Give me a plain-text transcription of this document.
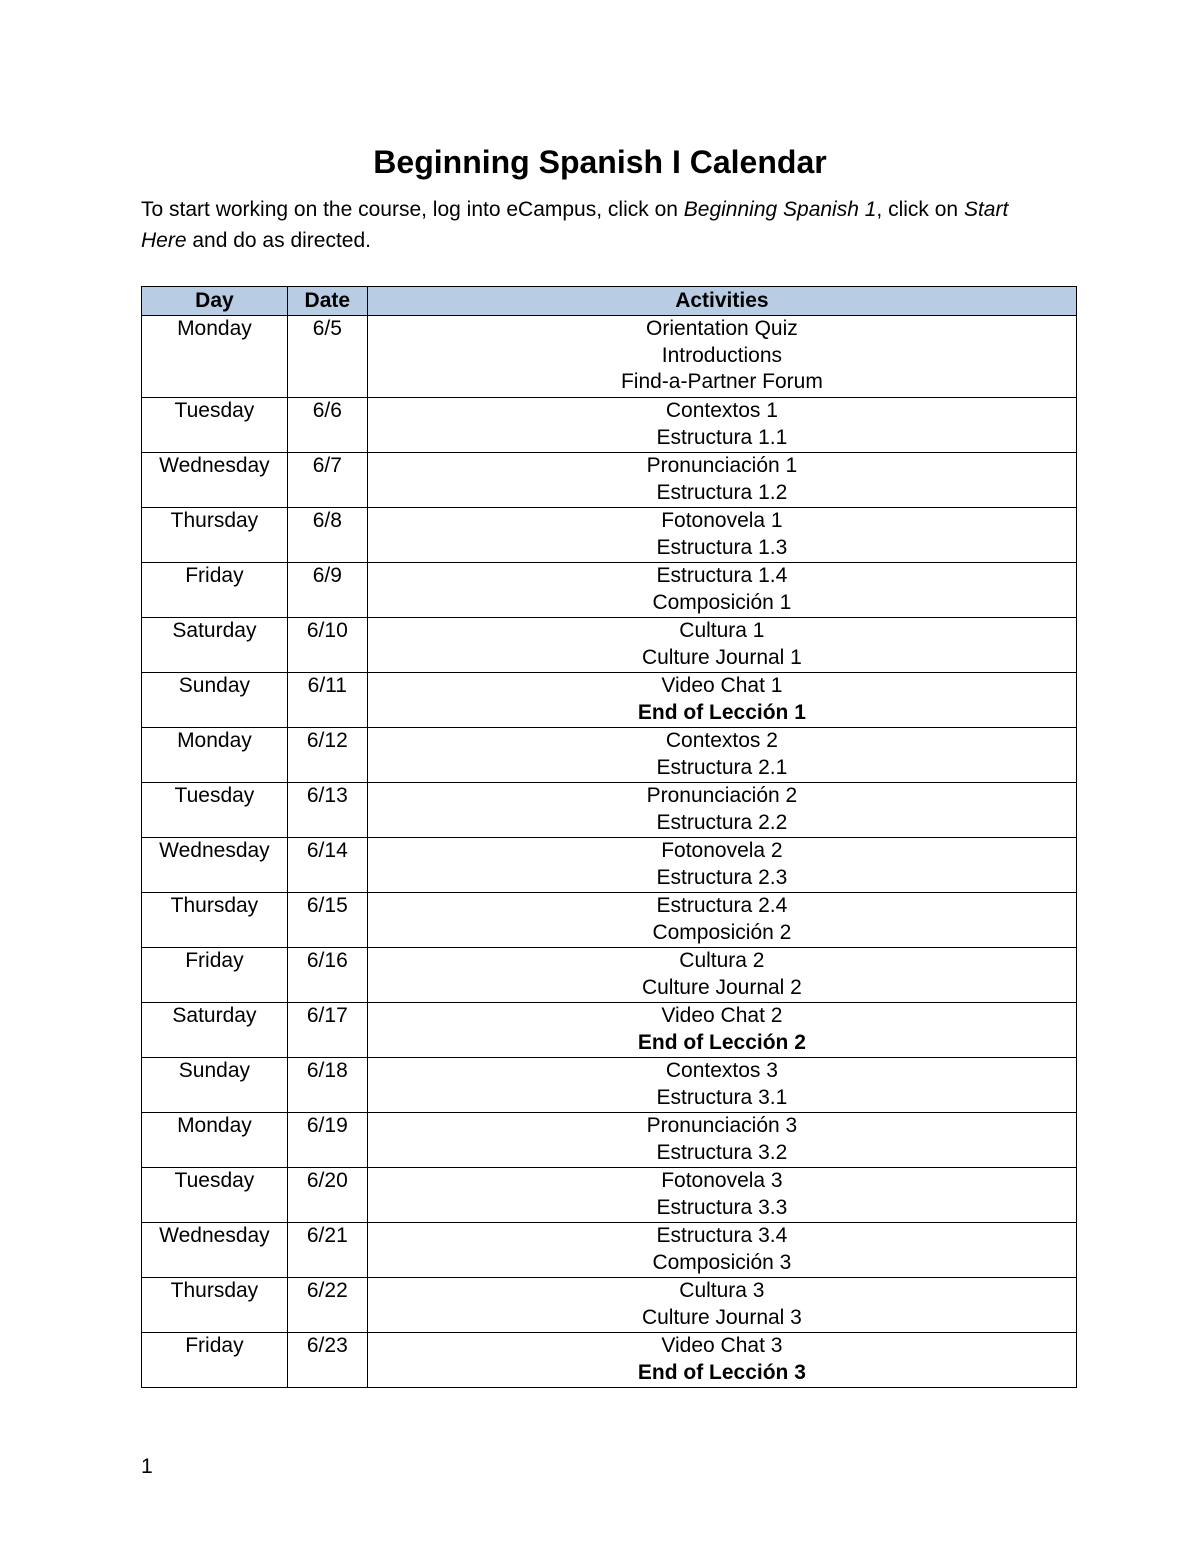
Beginning Spanish I Calendar
To start working on the course, log into eCampus, click on Beginning Spanish 1, click on Start Here and do as directed.
Day	Date	Activities
Monday	6/5	Orientation Quiz
Introductions
Find-a-Partner Forum

Tuesday	6/6	Contextos 1
Estructura 1.1

Wednesday	6/7	Pronunciación 1
Estructura 1.2

Thursday	6/8	Fotonovela 1
Estructura 1.3

Friday	6/9	Estructura 1.4
Composición 1

Saturday	6/10	Cultura 1
Culture Journal 1

Sunday	6/11	Video Chat 1
End of Lección 1

Monday	6/12	Contextos 2
Estructura 2.1

Tuesday	6/13	Pronunciación 2
Estructura 2.2

Wednesday	6/14	Fotonovela 2
Estructura 2.3

Thursday	6/15	Estructura 2.4
Composición 2

Friday	6/16	Cultura 2
Culture Journal 2

Saturday	6/17	Video Chat 2
End of Lección 2

Sunday	6/18	Contextos 3
Estructura 3.1

Monday	6/19	Pronunciación 3
Estructura 3.2

Tuesday	6/20	Fotonovela 3
Estructura 3.3

Wednesday	6/21	Estructura 3.4
Composición 3

Thursday	6/22	Cultura 3
Culture Journal 3

Friday	6/23	Video Chat 3
End of Lección 3
1
